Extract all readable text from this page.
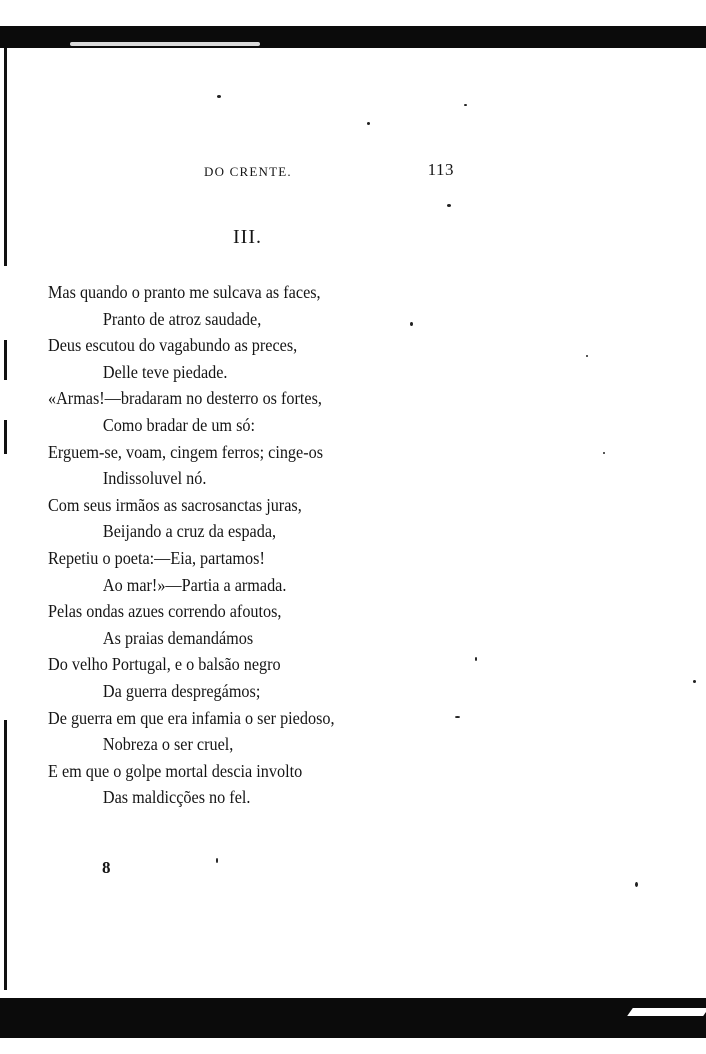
DO CRENTE.	113
III.
Mas quando o pranto me sulcava as faces,
Pranto de atroz saudade,
Deus escutou do vagabundo as preces,
Delle teve piedade.
«Armas!—bradaram no desterro os fortes,
Como bradar de um só:
Erguem-se, voam, cingem ferros; cinge-os
Indissoluvel nó.
Com seus irmãos as sacrosanctas juras,
Beijando a cruz da espada,
Repetiu o poeta:—Eia, partamos!
Ao mar!»—Partia a armada.
Pelas ondas azues correndo afoutos,
As praias demandámos
Do velho Portugal, e o balsão negro
Da guerra despregámos;
De guerra em que era infamia o ser piedoso,
Nobreza o ser cruel,
E em que o golpe mortal descia involto
Das maldicções no fel.
8
